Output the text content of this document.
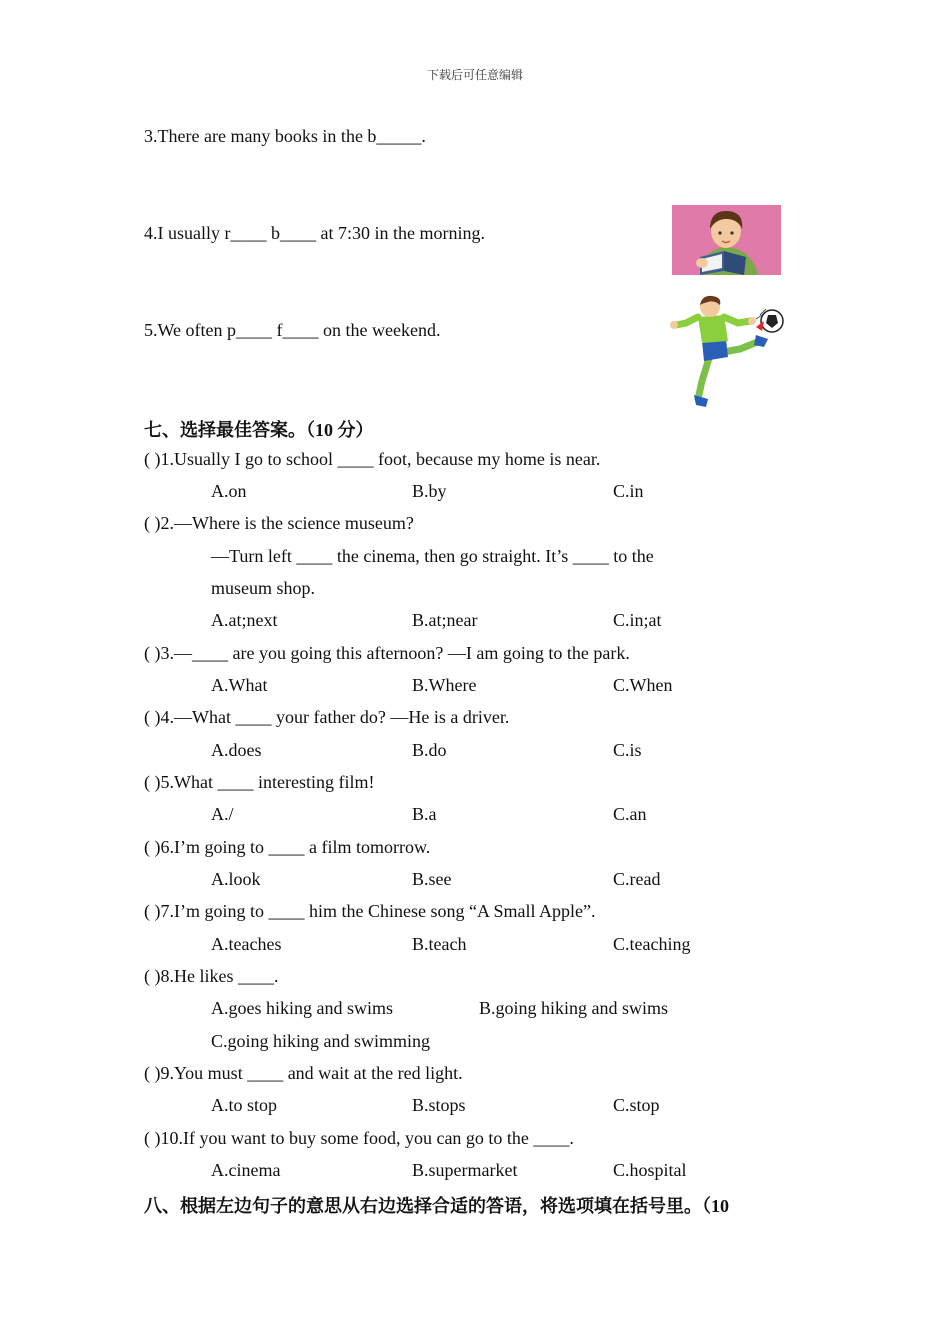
下载后可任意编辑
3.There are many books in the b_____.
4.I usually r____ b____ at 7:30 in the morning.
5.We often p____ f____ on the weekend.
七、选择最佳答案。（10 分）
( )1.Usually I go to school ____ foot, because my home is near.
A.on	B.by	C.in
( )2.—Where is the science museum?
—Turn left ____ the cinema, then go straight. It’s ____ to the
museum shop.
A.at;next	B.at;near	C.in;at
( )3.—____ are you going this afternoon? —I am going to the park.
A.What	B.Where	C.When
( )4.—What ____ your father do? —He is a driver.
A.does	B.do	C.is
( )5.What ____ interesting film!
A./	B.a	C.an
( )6.I’m going to ____ a film tomorrow.
A.look	B.see	C.read
( )7.I’m going to ____ him the Chinese song “A Small Apple”.
A.teaches	B.teach	C.teaching
( )8.He likes ____.
A.goes hiking and swims	B.going hiking and swims
C.going hiking and swimming
( )9.You must ____ and wait at the red light.
A.to stop	B.stops	C.stop
( )10.If you want to buy some food, you can go to the ____.
A.cinema	B.supermarket	C.hospital
八、根据左边句子的意思从右边选择合适的答语，将选项填在括号里。（10
